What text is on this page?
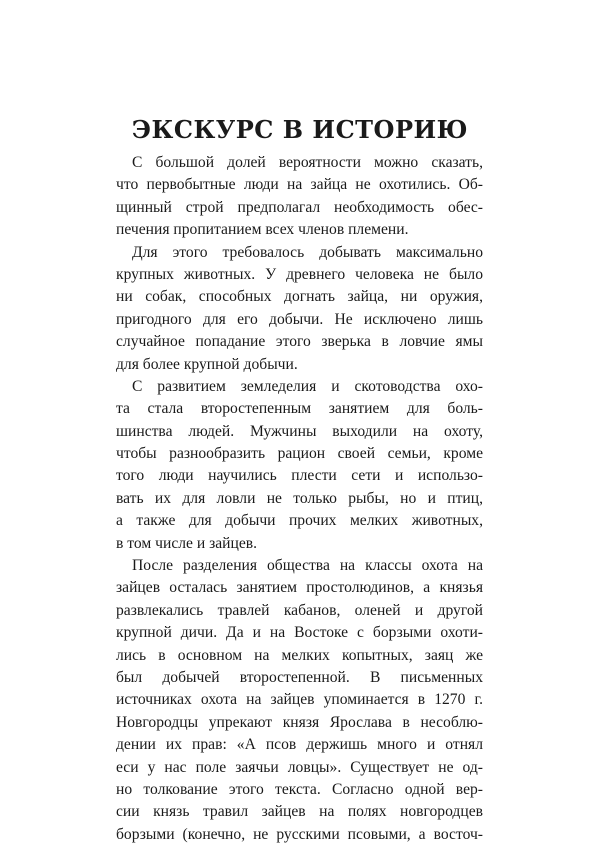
ЭКСКУРС В ИСТОРИЮ
С большой долей вероятности можно сказать,
что первобытные люди на зайца не охотились. Об-
щинный строй предполагал необходимость обес-
печения пропитанием всех членов племени.
Для этого требовалось добывать максимально
крупных животных. У древнего человека не было
ни собак, способных догнать зайца, ни оружия,
пригодного для его добычи. Не исключено лишь
случайное попадание этого зверька в ловчие ямы
для более крупной добычи.
С развитием земледелия и скотоводства охо-
та стала второстепенным занятием для боль-
шинства людей. Мужчины выходили на охоту,
чтобы разнообразить рацион своей семьи, кроме
того люди научились плести сети и использо-
вать их для ловли не только рыбы, но и птиц,
а также для добычи прочих мелких животных,
в том числе и зайцев.
После разделения общества на классы охота на
зайцев осталась занятием простолюдинов, а князья
развлекались травлей кабанов, оленей и другой
крупной дичи. Да и на Востоке с борзыми охоти-
лись в основном на мелких копытных, заяц же
был добычей второстепенной. В письменных
источниках охота на зайцев упоминается в 1270 г.
Новгородцы упрекают князя Ярослава в несоблю-
дении их прав: «А псов держишь много и отнял
еси у нас поле заячьи ловцы». Существует не од-
но толкование этого текста. Согласно одной вер-
сии князь травил зайцев на полях новгородцев
борзыми (конечно, не русскими псовыми, а восточ-
